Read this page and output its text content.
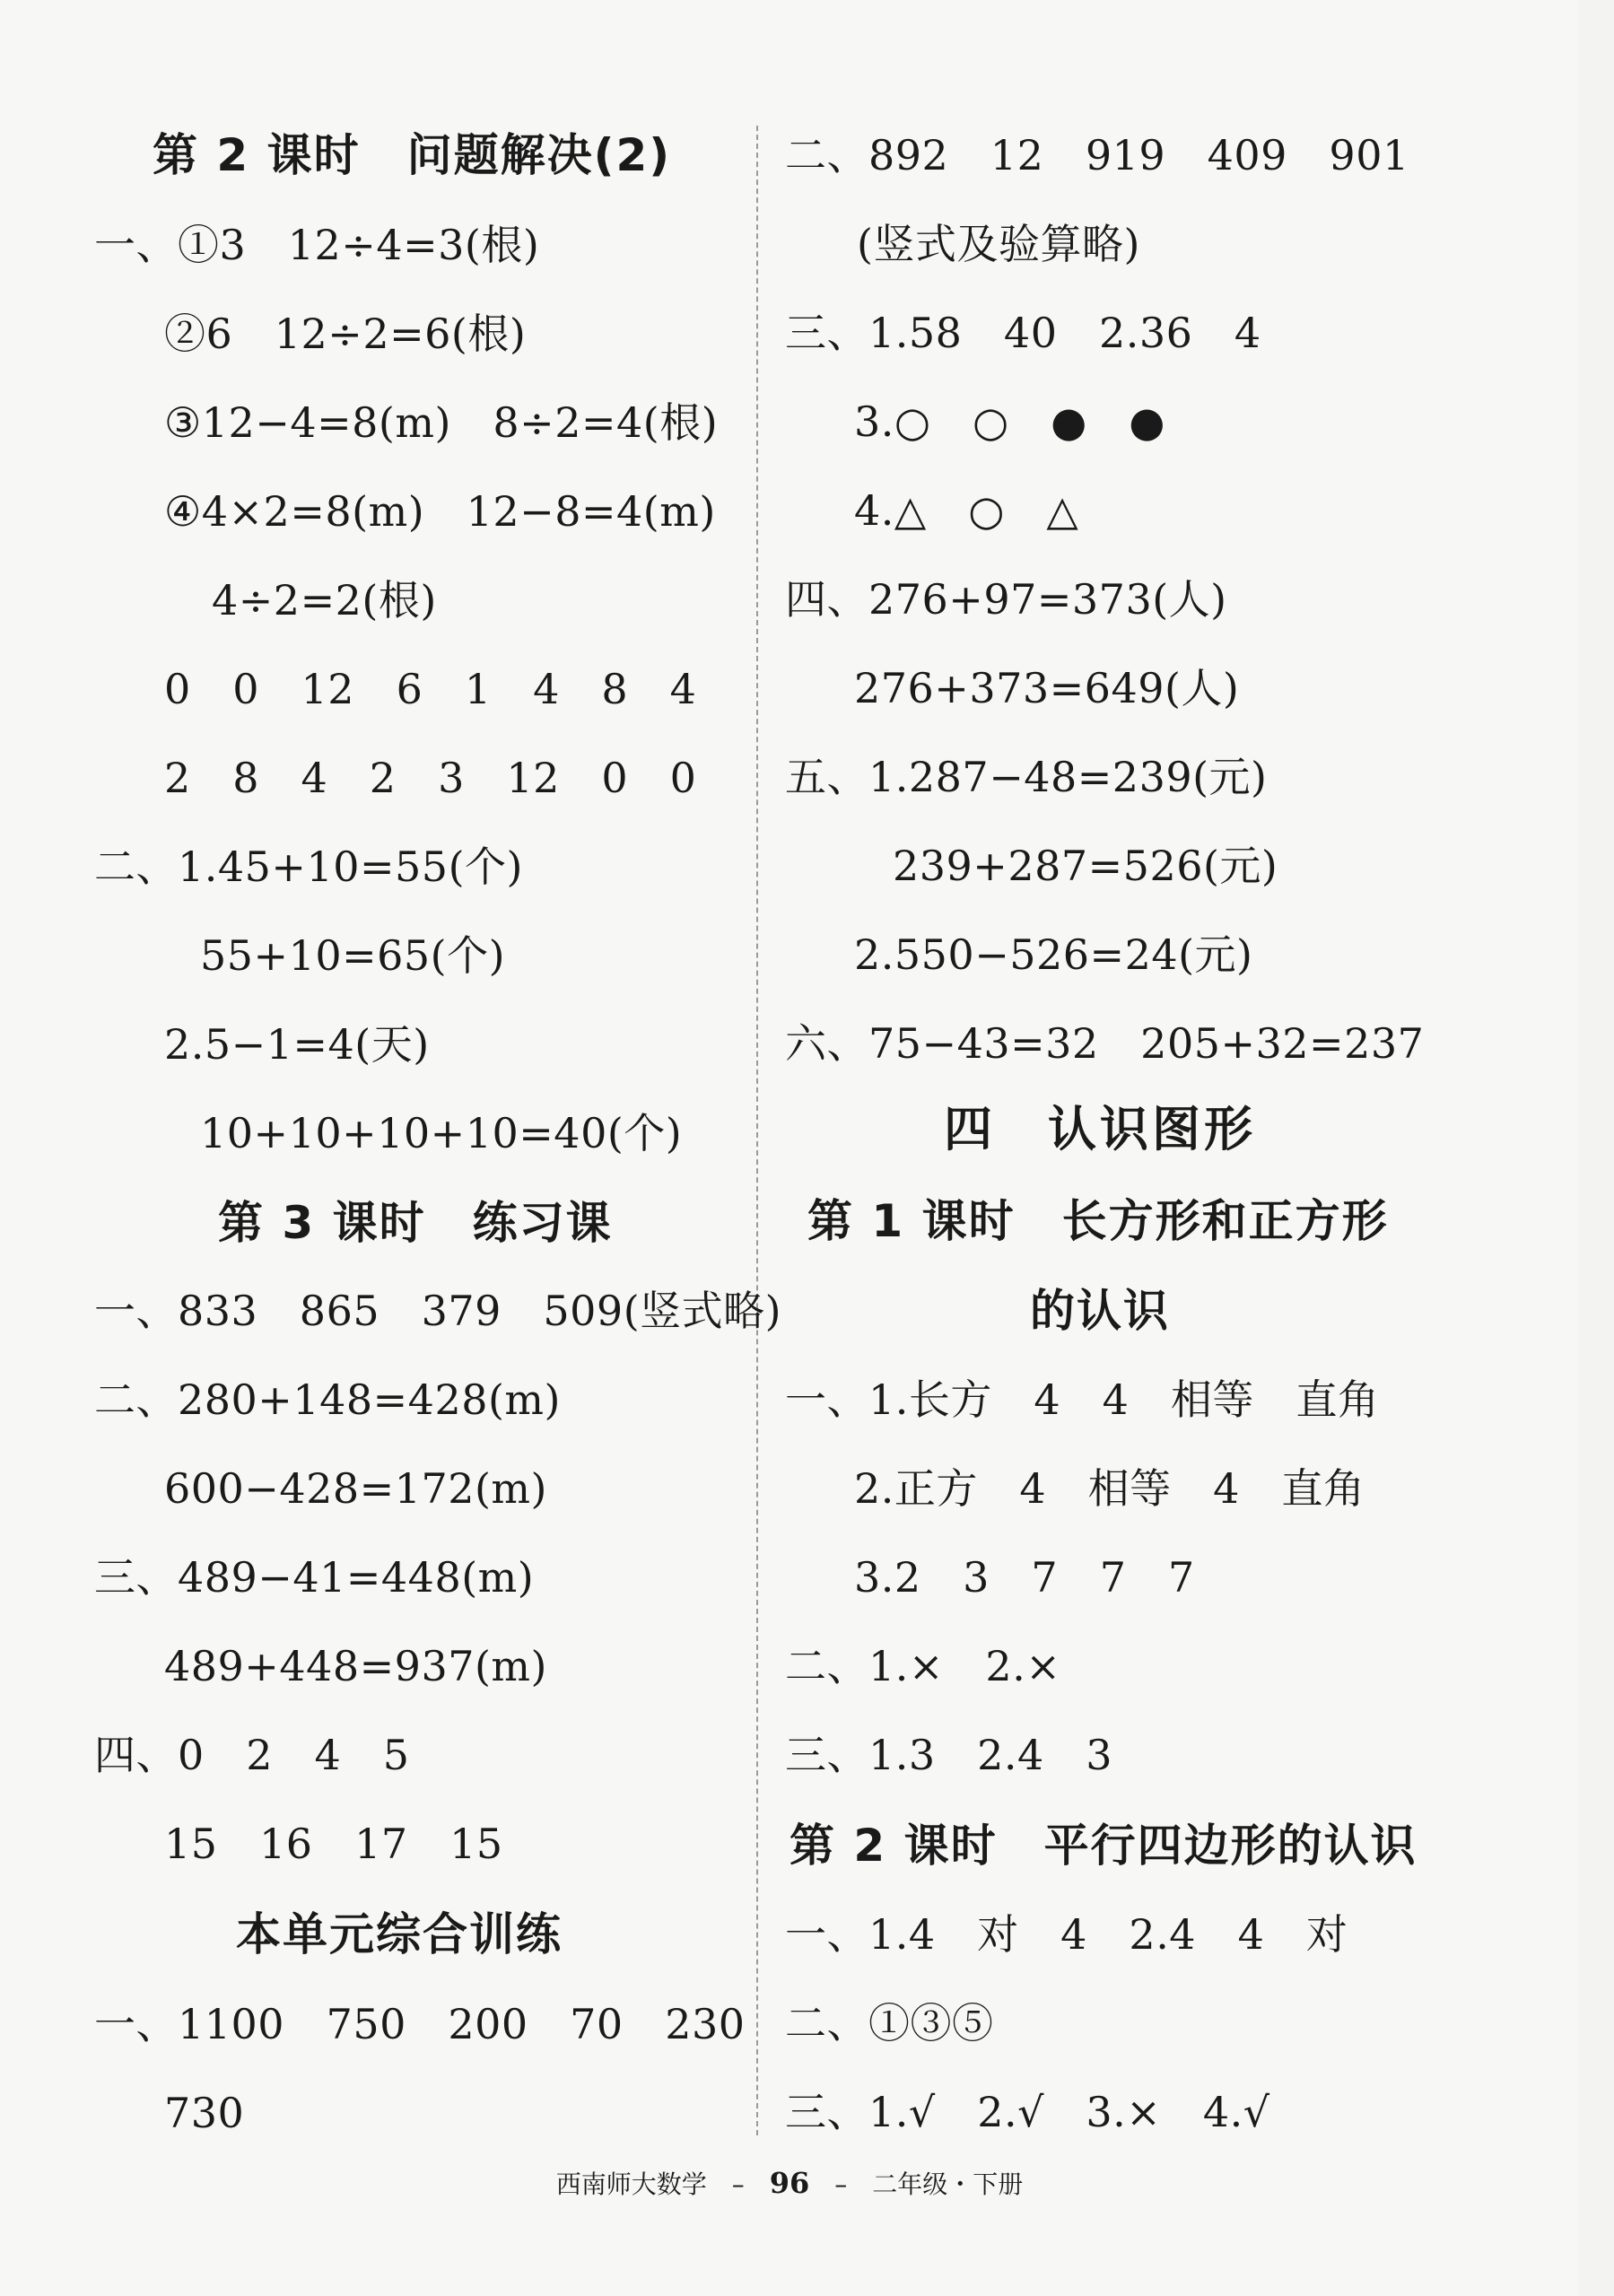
第 2 课时　问题解决(2)
一、①3　12÷4=3(根)
②6　12÷2=6(根)
③12−4=8(m)　8÷2=4(根)
④4×2=8(m)　12−8=4(m)
4÷2=2(根)
0　0　12　6　1　4　8　4
2　8　4　2　3　12　0　0
二、1.45+10=55(个)
55+10=65(个)
2.5−1=4(天)
10+10+10+10=40(个)
第 3 课时　练习课
一、833　865　379　509(竖式略)
二、280+148=428(m)
600−428=172(m)
三、489−41=448(m)
489+448=937(m)
四、0　2　4　5
15　16　17　15
本单元综合训练
一、1100　750　200　70　230
730
二、892　12　919　409　901
(竖式及验算略)
三、1.58　40　2.36　4
3.○　○　●　●
4.△　○　△
四、276+97=373(人)
276+373=649(人)
五、1.287−48=239(元)
239+287=526(元)
2.550−526=24(元)
六、75−43=32　205+32=237
四　认识图形
第 1 课时　长方形和正方形
的认识
一、1.长方　4　4　相等　直角
2.正方　4　相等　4　直角
3.2　3　7　7　7
二、1.×　2.×
三、1.3　2.4　3
第 2 课时　平行四边形的认识
一、1.4　对　4　2.4　4　对
二、①③⑤
三、1.√　2.√　3.×　4.√
西南师大数学　–　96　–　二年级・下册
